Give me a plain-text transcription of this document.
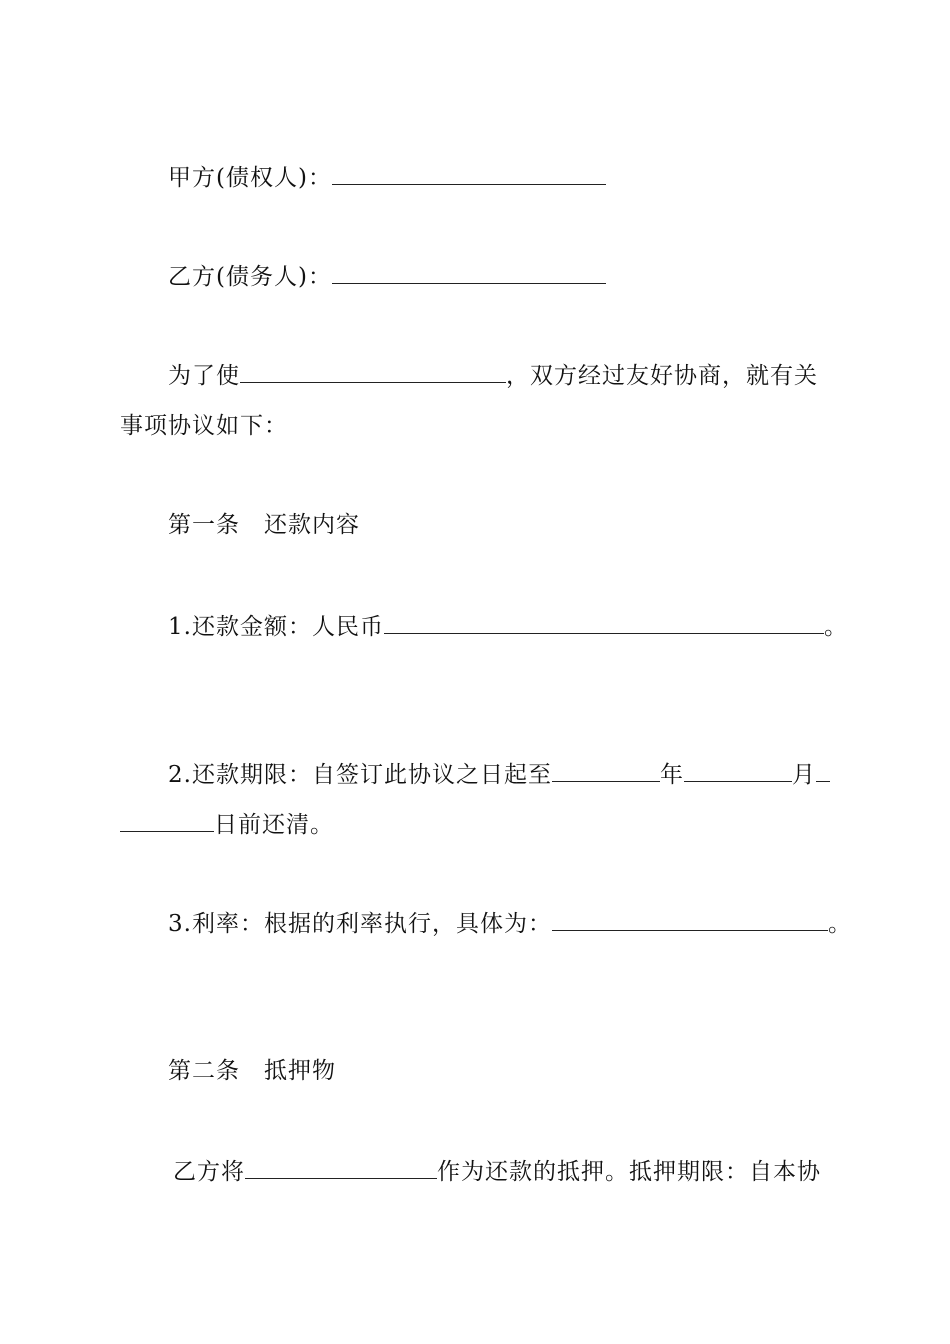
甲方(债权人)：
乙方(债务人)：
为了使	，双方经过友好协商，就有关
事项协议如下：
第一条　还款内容
1.还款金额：人民币	。
2.还款期限：自签订此协议之日起至	年	月
日前还清。
3.利率：根据的利率执行，具体为：	。
第二条　抵押物
乙方将	作为还款的抵押。抵押期限：自本协
